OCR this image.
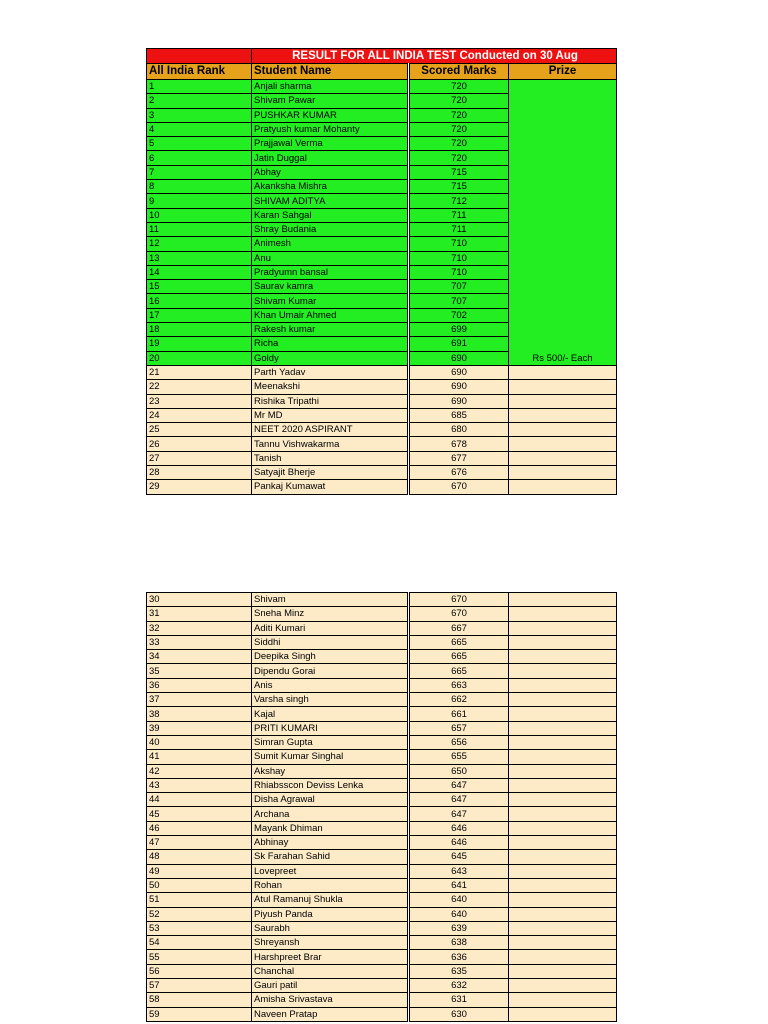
	RESULT FOR ALL INDIA TEST Conducted on 30 Aug		
All India Rank	Student Name	Scored Marks	Prize
1	Anjali sharma	720	Rs 500/- Each
2	Shivam Pawar	720	
3	PUSHKAR KUMAR	720	
4	Pratyush kumar Mohanty	720	
5	Prajjawal Verma	720	
6	Jatin Duggal	720	
7	Abhay	715	
8	Akanksha Mishra	715	
9	SHIVAM ADITYA	712	
10	Karan Sahgal	711	
11	Shray Budania	711	
12	Animesh	710	
13	Anu	710	
14	Pradyumn bansal	710	
15	Saurav kamra	707	
16	Shivam Kumar	707	
17	Khan Umair Ahmed	702	
18	Rakesh kumar	699	
19	Richa	691	
20	Goldy	690	
21	Parth Yadav	690	
22	Meenakshi	690	
23	Rishika Tripathi	690	
24	Mr MD	685	
25	NEET 2020 ASPIRANT	680	
26	Tannu Vishwakarma	678	
27	Tanish	677	
28	Satyajit Bherje	676	
29	Pankaj Kumawat	670	
30	Shivam	670	
31	Sneha Minz	670	
32	Aditi Kumari	667	
33	Siddhi	665	
34	Deepika Singh	665	
35	Dipendu Gorai	665	
36	Anis	663	
37	Varsha singh	662	
38	Kajal	661	
39	PRITI KUMARI	657	
40	Simran Gupta	656	
41	Sumit Kumar Singhal	655	
42	Akshay	650	
43	Rhiabsscon Deviss Lenka	647	
44	Disha Agrawal	647	
45	Archana	647	
46	Mayank Dhiman	646	
47	Abhinay	646	
48	Sk Farahan Sahid	645	
49	Lovepreet	643	
50	Rohan	641	
51	Atul Ramanuj Shukla	640	
52	Piyush Panda	640	
53	Saurabh	639	
54	Shreyansh	638	
55	Harshpreet Brar	636	
56	Chanchal	635	
57	Gauri patil	632	
58	Amisha Srivastava	631	
59	Naveen Pratap	630	
